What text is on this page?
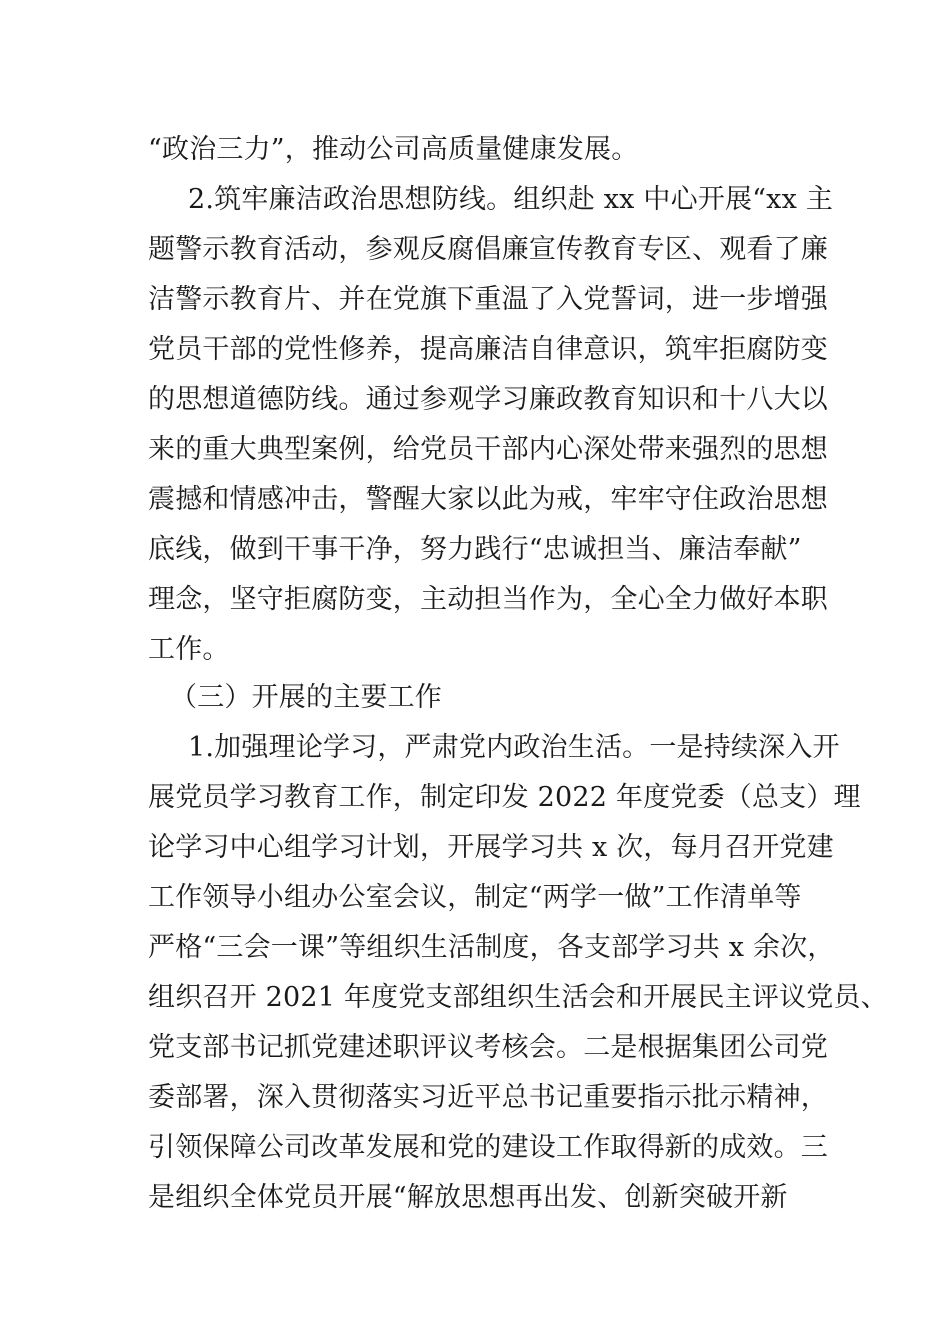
“政治三力”，推动公司高质量健康发展。

2.筑牢廉洁政治思想防线。组织赴 xx 中心开展“xx 主

题警示教育活动，参观反腐倡廉宣传教育专区、观看了廉

洁警示教育片、并在党旗下重温了入党誓词，进一步增强

党员干部的党性修养，提高廉洁自律意识，筑牢拒腐防变

的思想道德防线。通过参观学习廉政教育知识和十八大以

来的重大典型案例，给党员干部内心深处带来强烈的思想

震撼和情感冲击，警醒大家以此为戒，牢牢守住政治思想

底线，做到干事干净，努力践行“忠诚担当、廉洁奉献”

理念，坚守拒腐防变，主动担当作为，全心全力做好本职

工作。

（三）开展的主要工作

1.加强理论学习，严肃党内政治生活。一是持续深入开

展党员学习教育工作，制定印发 2022 年度党委（总支）理

论学习中心组学习计划，开展学习共 x 次，每月召开党建

工作领导小组办公室会议，制定“两学一做”工作清单等

严格“三会一课”等组织生活制度，各支部学习共 x 余次，

组织召开 2021 年度党支部组织生活会和开展民主评议党员、

党支部书记抓党建述职评议考核会。二是根据集团公司党

委部署，深入贯彻落实习近平总书记重要指示批示精神，

引领保障公司改革发展和党的建设工作取得新的成效。三

是组织全体党员开展“解放思想再出发、创新突破开新
